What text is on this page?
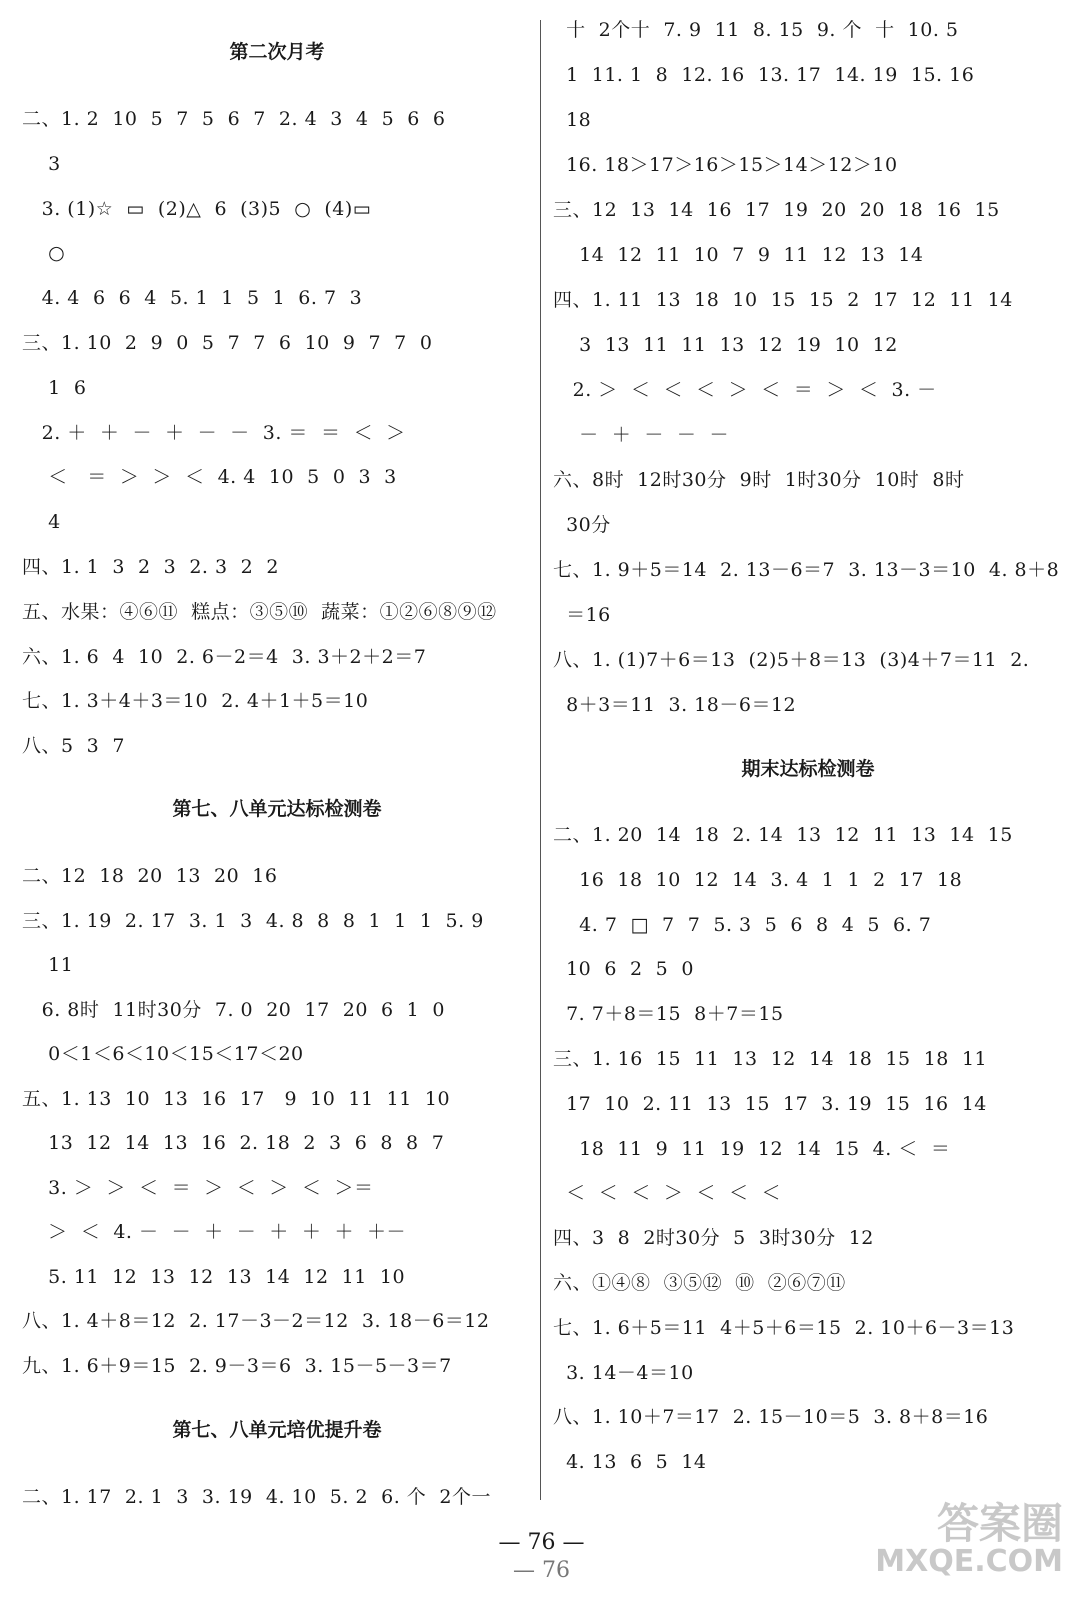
第二次月考
二、1. 2  10  5  7  5  6  7  2. 4  3  4  5  6  6
3
3. (1)☆  ▭  (2)△  6  (3)5  ○  (4)▭
○
4. 4  6  6  4  5. 1  1  5  1  6. 7  3
三、1. 10  2  9  0  5  7  7  6  10  9  7  7  0
1  6
2. ＋  ＋  －  ＋  －  －  3. ＝  ＝  ＜  ＞
＜   ＝  ＞  ＞  ＜  4. 4  10  5  0  3  3
4
四、1. 1  3  2  3  2. 3  2  2
五、水果：④⑥⑪  糕点：③⑤⑩  蔬菜：①②⑥⑧⑨⑫
六、1. 6  4  10  2. 6－2＝4  3. 3＋2＋2＝7
七、1. 3＋4＋3＝10  2. 4＋1＋5＝10
八、5  3  7
第七、八单元达标检测卷
二、12  18  20  13  20  16
三、1. 19  2. 17  3. 1  3  4. 8  8  8  1  1  1  5. 9
11
6. 8时  11时30分  7. 0  20  17  20  6  1  0
0＜1＜6＜10＜15＜17＜20
五、1. 13  10  13  16  17   9  10  11  11  10
13  12  14  13  16  2. 18  2  3  6  8  8  7
3. ＞  ＞  ＜  ＝  ＞  ＜  ＞  ＜  ＞＝
＞  ＜  4. －  －  ＋  －  ＋  ＋  ＋  ＋－
5. 11  12  13  12  13  14  12  11  10
八、1. 4＋8＝12  2. 17－3－2＝12  3. 18－6＝12
九、1. 6＋9＝15  2. 9－3＝6  3. 15－5－3＝7
第七、八单元培优提升卷
二、1. 17  2. 1  3  3. 19  4. 10  5. 2  6. 个  2个一
十  2个十  7. 9  11  8. 15  9. 个  十  10. 5
1  11. 1  8  12. 16  13. 17  14. 19  15. 16
18
16. 18＞17＞16＞15＞14＞12＞10
三、12  13  14  16  17  19  20  20  18  16  15
14  12  11  10  7  9  11  12  13  14
四、1. 11  13  18  10  15  15  2  17  12  11  14
3  13  11  11  13  12  19  10  12
2. ＞  ＜  ＜  ＜  ＞  ＜  ＝  ＞  ＜  3. －
－  ＋  －  －  －
六、8时  12时30分  9时  1时30分  10时  8时
30分
七、1. 9＋5＝14  2. 13－6＝7  3. 13－3＝10  4. 8＋8
＝16
八、1. (1)7＋6＝13  (2)5＋8＝13  (3)4＋7＝11  2.
8＋3＝11  3. 18－6＝12
期末达标检测卷
二、1. 20  14  18  2. 14  13  12  11  13  14  15
16  18  10  12  14  3. 4  1  1  2  17  18
4. 7  □  7  7  5. 3  5  6  8  4  5  6. 7
10  6  2  5  0
7. 7＋8＝15  8＋7＝15
三、1. 16  15  11  13  12  14  18  15  18  11
17  10  2. 11  13  15  17  3. 19  15  16  14
18  11  9  11  19  12  14  15  4. ＜  ＝
＜  ＜  ＜  ＞  ＜  ＜  ＜
四、3  8  2时30分  5  3时30分  12
六、①④⑧  ③⑤⑫  ⑩  ②⑥⑦⑪
七、1. 6＋5＝11  4＋5＋6＝15  2. 10＋6－3＝13
3. 14－4＝10
八、1. 10＋7＝17  2. 15－10＝5  3. 8＋8＝16
4. 13  6  5  14
— 76 —
— 76
答案圈
MXQE.COM
